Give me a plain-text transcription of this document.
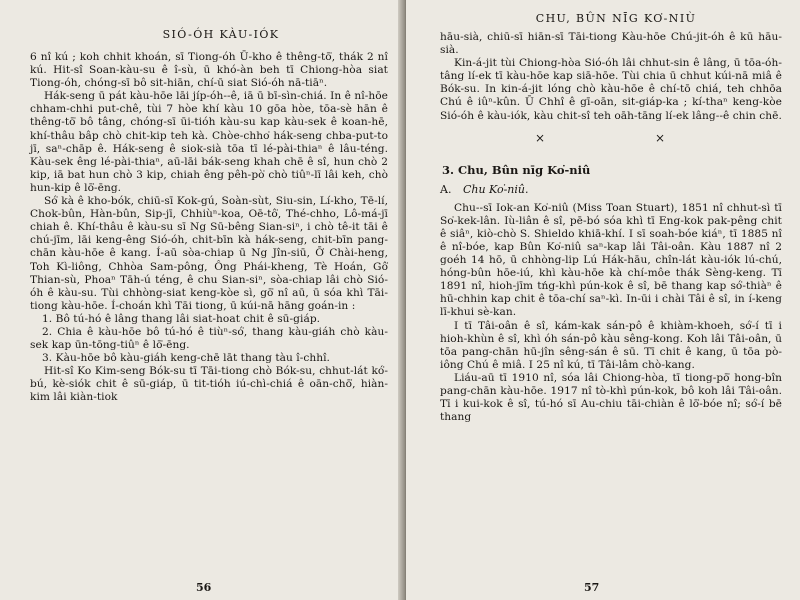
SIÓ-ÓH KÀU-IÓK

6 nî kú ; koh chhit khoán, sī Tiong-óh Ū-kho ê thêng-tō͘, thák 2 nî kú. Hit-sî Soan-kàu-su ê î-sù, ū khó-àn beh tī Chiong-hòa siat Tiong-óh, chóng-sī bô sit-hiān, chí-ū siat Sió-óh nā-tiāⁿ.

Hák-seng ū pát kàu-hōe lāi jíp-óh--ê, iā ū bī-sìn-chiá. In ê nî-hōe chham-chhi put-chê, tùi 7 hòe khí kàu 10 gōa hòe, tōa-sè hān ê thêng-tō͘ bô tâng, chóng-sī ūi-tióh kàu-su kap kàu-sek ê koan-hē, khí-thâu bâp chò chit-kip teh kà. Chòe-chho͘ hák-seng chba-put-to jī, saⁿ-chāp ê. Hák-seng ê siok-sià tōa tī lé-pài-thiaⁿ ê lâu-téng. Kàu-sek êng lé-pài-thiaⁿ, aū-lāi bák-seng khah chē ê sî, hun chò 2 kip, iā bat hun chò 3 kip, chiah êng pêh-pò͘ chò tiûⁿ-lī lâi keh, chò hun-kip ê lō͘-ēng.

Só͘ kà ê kho-bók, chiū-sī Kok-gú, Soàn-sùt, Siu-sin, Lí-kho, Tē-lí, Chok-bûn, Hàn-bûn, Sip-jī, Chhiùⁿ-koa, Oē-tô͘, Thé-chho, Lô-má-jī chiah ê. Khí-thâu ê kàu-su sī Ng Sū-bêng Sian-siⁿ, i chò tê-it tāi ê chú-jīm, lāi keng-êng Sió-óh, chit-bīn kà hák-seng, chit-bīn pang-chān kàu-hōe ê kang. Í-aū sòa-chiap ū Ng Jîn-siū, Ō͘ Chài-heng, Toh Kì-liông, Chhòa Sam-pông, Ông Phái-kheng, Tè Hoán, Gô͘ Thian-sù, Phoaⁿ Tāh-ú téng, ê chu Sian-siⁿ, sòa-chiap lâi chò Sió-óh ê kàu-su. Tùi chhòng-siat keng-kòe sì, gō͘ nî aū, ū sóa khì Tāi-tiong kàu-hōe. Í-choán khì Tāi tiong, ū kúi-nā hāng goán-in :

1. Bô tú-hó ê lâng thang lâi siat-hoat chit ê sū-giáp.

2. Chia ê kàu-hōe bô tú-hó ê tiùⁿ-só͘, thang kàu-giáh chò kàu-sek kap ūn-tōng-tiûⁿ ê lō͘-ēng.

3. Kàu-hōe bô kàu-giáh keng-chē lāt thang tàu î-chhî.

Hit-sî Ko Kim-seng Bók-su tī Tāi-tiong chò Bók-su, chhut-lát kó͘-bú, kè-siók chit ê sū-giáp, ū tit-tióh iú-chì-chiá ê oān-chō͘, hiàn-kim lâi kiàn-tiok

56
CHU, BÛN NĪG KO͘-NIÙ

hāu-sià, chiū-sī hiān-sī Tāi-tiong Kàu-hōe Chú-jit-óh ê kū hāu-sià.

Kin-á-jit tùi Chiong-hòa Sió-óh lâi chhut-sin ê lâng, ū tōa-óh-tâng lí-ek tī kàu-hōe kap siā-hōe. Tùi chia ū chhut kúi-nā miâ ê Bók-su. In kin-á-jit lóng chò kàu-hōe ê chí-tō chiá, teh chhōa Chú ê iûⁿ-kûn. Ū Chhî ê gī-oān, sit-giáp-ka ; kí-thaⁿ keng-kòe Sió-óh ê kàu-iók, kàu chit-sî teh oāh-tāng lí-ek lâng--ê chin chē.

×	×
3. Chu, Bûn nīg Ko͘-niû
A. Chu Ko͘-niû.

Chu--sī Iok-an Ko͘-niû (Miss Toan Stuart), 1851 nî chhut-sì tī So͘-kek-lân. Iù-liân ê sî, pē-bó sóa khì tī Eng-kok pak-pêng chit ê siâⁿ, kiò-chò S. Shieldo khiā-khí. I sī soah-bóe kiáⁿ, tī 1885 nî ê nî-bóe, kap Bûn Ko͘-niû saⁿ-kap lâi Tâi-oân. Kàu 1887 nî 2 goéh 14 hō, ū chhòng-lip Lú Hák-hāu, chîn-lát kàu-iók lú-chú, hóng-bûn hōe-iú, khì kàu-hōe kà chí-môe thák Sèng-keng. Tī 1891 nî, hioh-jīm tńg-khì pún-kok ê sî, bē thang kap só͘-thiàⁿ ê hū-chhin kap chit ê tōa-chí saⁿ-kì. In-ūi i chài Tâi ê sî, in í-keng lī-khui sè-kan.

I tī Tâi-oân ê sî, kám-kak sán-pô ê khiàm-khoeh, só͘-í tī i hioh-khùn ê sî, khì óh sán-pô kàu sêng-kong. Koh lâi Tâi-oân, ū tōa pang-chān hū-jîn sêng-sán ê sū. Tī chit ê kang, ū tōa pò-iông Chú ê miâ. I 25 nî kú, tī Tâi-lâm chò-kang.

Liáu-aū tī 1910 nî, sóa lâi Chiong-hòa, tī tiong-pō͘ hong-bîn pang-chān kàu-hōe. 1917 nî tò-khì pún-kok, bô koh lâi Tâi-oân. Tī i kui-kok ê sî, tú-hó sī Au-chiu tāi-chiàn ê lō͘-bóe nî; só͘-í bē thang

57
